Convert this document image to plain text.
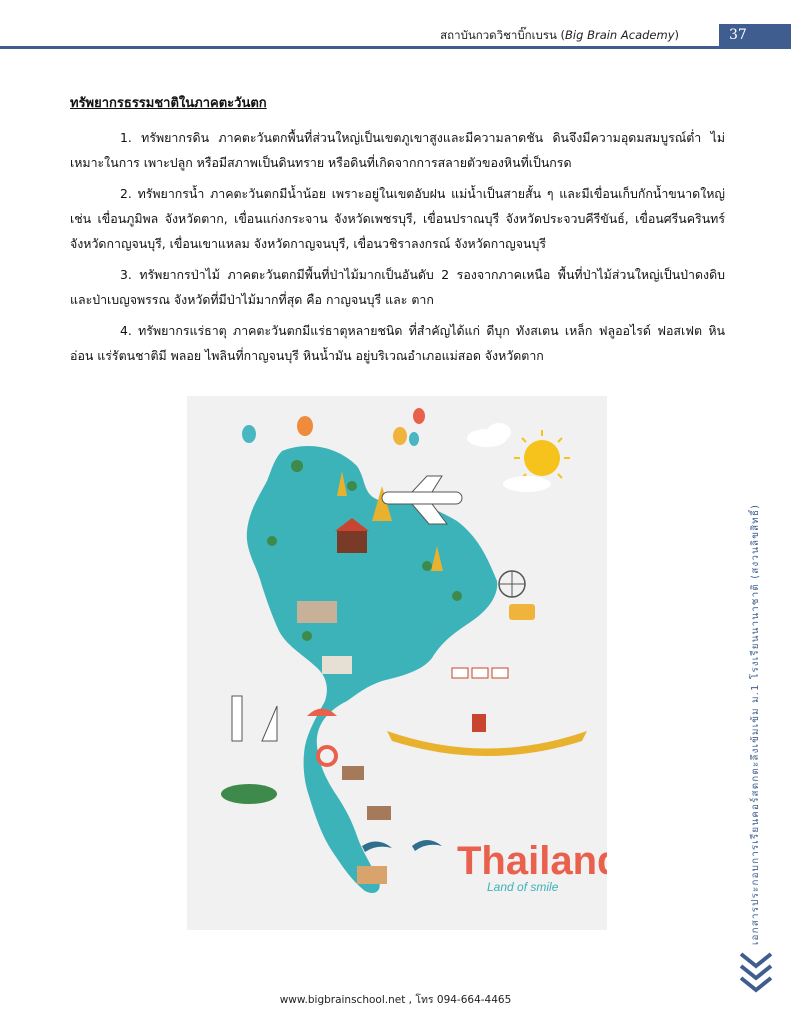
สถาบันกวดวิชาบิ๊กเบรน (Big Brain Academy)	37
ทรัพยากรธรรมชาติในภาคตะวันตก

1. ทรัพยากรดิน ภาคตะวันตกพื้นที่ส่วนใหญ่เป็นเขตภูเขาสูงและมีความลาดชัน ดินจึงมีความอุดมสมบูรณ์ต่ำ ไม่เหมาะในการ เพาะปลูก หรือมีสภาพเป็นดินทราย หรือดินที่เกิดจากการสลายตัวของหินที่เป็นกรด

2. ทรัพยากรน้ำ ภาคตะวันตกมีน้ำน้อย เพราะอยู่ในเขตอับฝน แม่น้ำเป็นสายสั้น ๆ และมีเขื่อนเก็บกักน้ำขนาดใหญ่ เช่น เขื่อนภูมิพล จังหวัดตาก, เขื่อนแก่งกระจาน จังหวัดเพชรบุรี, เขื่อนปราณบุรี จังหวัดประจวบคีรีขันธ์, เขื่อนศรีนครินทร์ จังหวัดกาญจนบุรี, เขื่อนเขาแหลม จังหวัดกาญจนบุรี, เขื่อนวชิราลงกรณ์ จังหวัดกาญจนบุรี

3. ทรัพยากรป่าไม้ ภาคตะวันตกมีพื้นที่ป่าไม้มากเป็นอันดับ 2 รองจากภาคเหนือ พื้นที่ป่าไม้ส่วนใหญ่เป็นป่าดงดิบ และป่าเบญจพรรณ จังหวัดที่มีป่าไม้มากที่สุด คือ กาญจนบุรี และ ตาก

4. ทรัพยากรแร่ธาตุ ภาคตะวันตกมีแร่ธาตุหลายชนิด ที่สำคัญได้แก่ ดีบุก ทังสเตน เหล็ก ฟลูออไรด์ ฟอสเฟต หินอ่อน แร่รัตนชาติมี พลอย ไพลินที่กาญจนบุรี หินน้ำมัน อยู่บริเวณอำเภอแม่สอด จังหวัดตาก

เอกสารประกอบการเรียนคอร์สตกตะลึงเข้มเข้ม ม.1 โรงเรียนนานาชาติ (สงวนลิขสิทธิ์)
Thailand
Land of smile
www.bigbrainschool.net , โทร 094-664-4465
